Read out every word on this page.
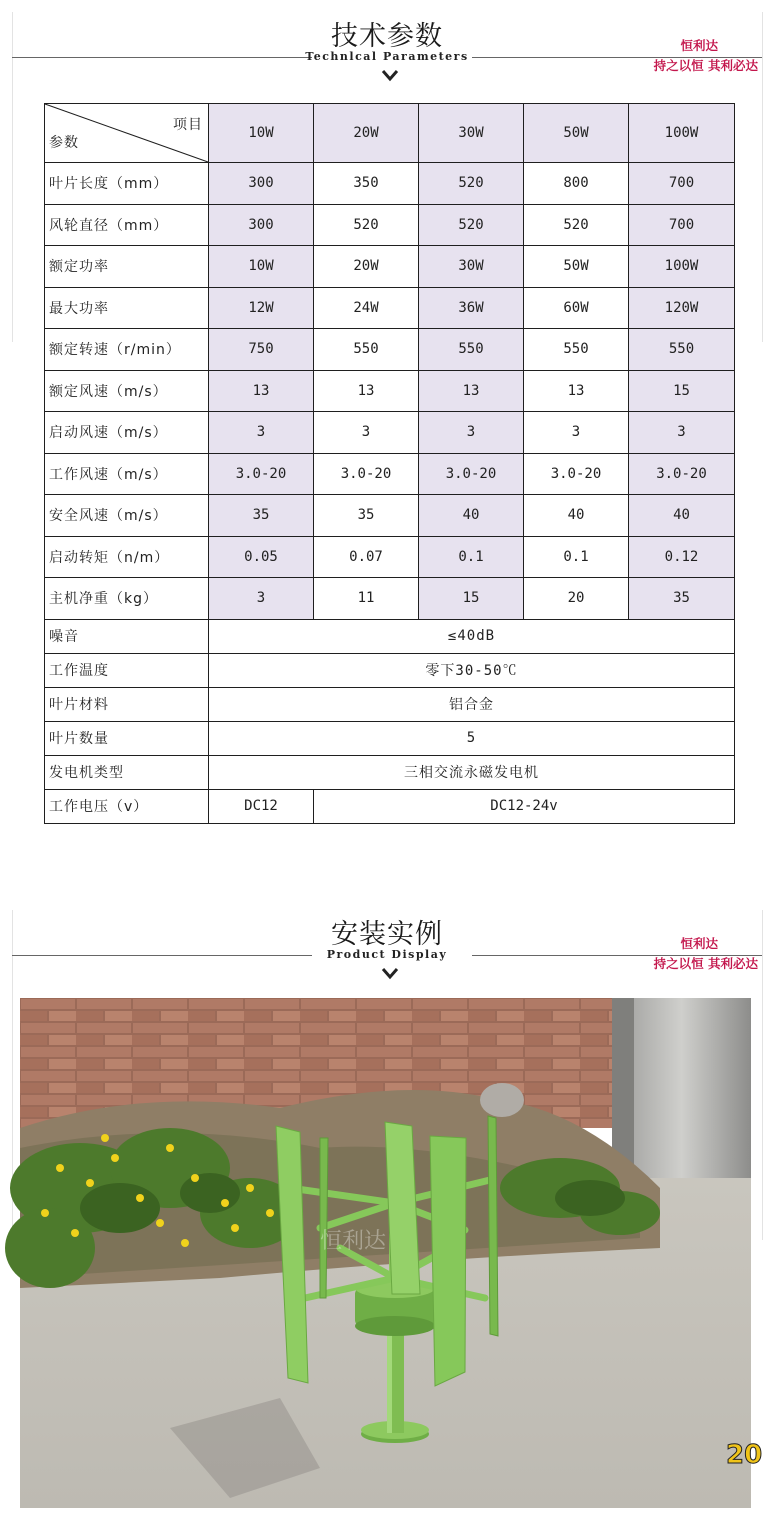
技术参数
Technlcal Parameters
恒利达
持之以恒 其利必达
项目
参数	10W	20W	30W	50W	100W
叶片长度（mm）	300	350	520	800	700
风轮直径（mm）	300	520	520	520	700
额定功率	10W	20W	30W	50W	100W
最大功率	12W	24W	36W	60W	120W
额定转速（r/min）	750	550	550	550	550
额定风速（m/s）	13	13	13	13	15
启动风速（m/s）	3	3	3	3	3
工作风速（m/s）	3.0-20	3.0-20	3.0-20	3.0-20	3.0-20
安全风速（m/s）	35	35	40	40	40
启动转矩（n/m）	0.05	0.07	0.1	0.1	0.12
主机净重（kg）	3	11	15	20	35
噪音	≤40dB				
工作温度	零下30-50℃				
叶片材料	铝合金				
叶片数量	5				
发电机类型	三相交流永磁发电机				
工作电压（v）	DC12	DC12-24v			
安装实例
Product Display
恒利达
持之以恒 其利必达
恒利达
20
